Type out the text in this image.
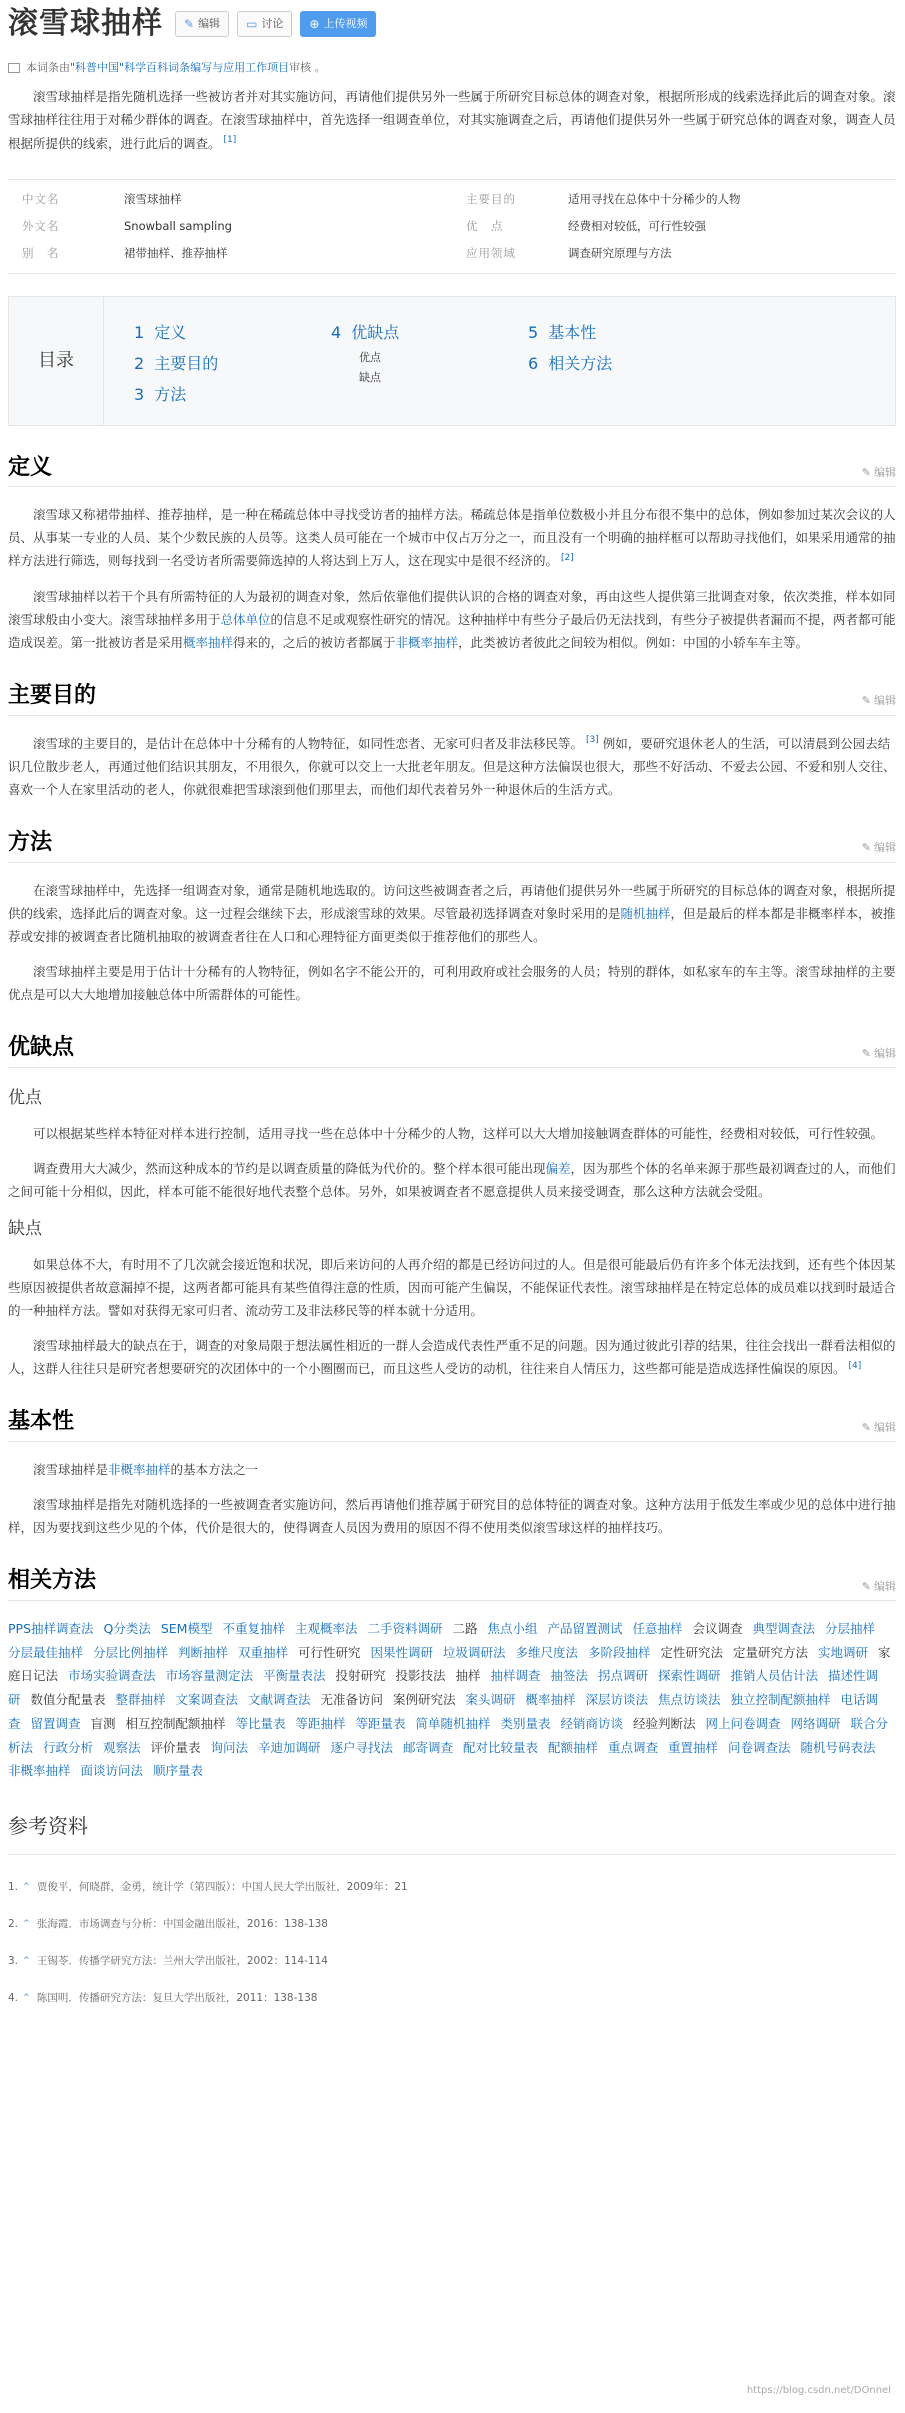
滚雪球抽样 ✎ 编辑 ▭ 讨论 ⊕ 上传视频
本词条由 "科普中国"科学百科词条编写与应用工作项目 审核 。

滚雪球抽样是指先随机选择一些被访者并对其实施访问，再请他们提供另外一些属于所研究目标总体的调查对象，根据所形成的线索选择此后的调查对象。滚雪球抽样往往用于对稀少群体的调查。在滚雪球抽样中，首先选择一组调查单位，对其实施调查之后，再请他们提供另外一些属于研究总体的调查对象，调查人员根据所提供的线索，进行此后的调查。 [1]

中文名	滚雪球抽样	主要目的	适用寻找在总体中十分稀少的人物
外文名	Snowball sampling	优　点	经费相对较低，可行性较强
别　名	裙带抽样、推荐抽样	应用领域	调查研究原理与方法
目录
1 定义
2 主要目的
3 方法
4 优缺点
优点
缺点
5 基本性
6 相关方法
定义	✎ 编辑

滚雪球又称裙带抽样、推荐抽样，是一种在稀疏总体中寻找受访者的抽样方法。稀疏总体是指单位数极小并且分布很不集中的总体，例如参加过某次会议的人员、从事某一专业的人员、某个少数民族的人员等。这类人员可能在一个城市中仅占万分之一，而且没有一个明确的抽样框可以帮助寻找他们，如果采用通常的抽样方法进行筛选，则每找到一名受访者所需要筛选掉的人将达到上万人，这在现实中是很不经济的。 [2]

滚雪球抽样以若干个具有所需特征的人为最初的调查对象，然后依靠他们提供认识的合格的调查对象，再由这些人提供第三批调查对象，依次类推，样本如同滚雪球般由小变大。滚雪球抽样多用于总体单位的信息不足或观察性研究的情况。这种抽样中有些分子最后仍无法找到，有些分子被提供者漏而不提，两者都可能造成误差。第一批被访者是采用概率抽样得来的，之后的被访者都属于非概率抽样，此类被访者彼此之间较为相似。例如：中国的小轿车车主等。

主要目的	✎ 编辑

滚雪球的主要目的，是估计在总体中十分稀有的人物特征，如同性恋者、无家可归者及非法移民等。 [3] 例如，要研究退休老人的生活，可以清晨到公园去结识几位散步老人，再通过他们结识其朋友，不用很久，你就可以交上一大批老年朋友。但是这种方法偏误也很大，那些不好活动、不爱去公园、不爱和别人交往、喜欢一个人在家里活动的老人，你就很难把雪球滚到他们那里去，而他们却代表着另外一种退休后的生活方式。

方法	✎ 编辑

在滚雪球抽样中，先选择一组调查对象，通常是随机地选取的。访问这些被调查者之后，再请他们提供另外一些属于所研究的目标总体的调查对象，根据所提供的线索，选择此后的调查对象。这一过程会继续下去，形成滚雪球的效果。尽管最初选择调查对象时采用的是随机抽样，但是最后的样本都是非概率样本，被推荐或安排的被调查者比随机抽取的被调查者往在人口和心理特征方面更类似于推荐他们的那些人。

滚雪球抽样主要是用于估计十分稀有的人物特征，例如名字不能公开的，可利用政府或社会服务的人员；特别的群体，如私家车的车主等。滚雪球抽样的主要优点是可以大大地增加接触总体中所需群体的可能性。

优缺点	✎ 编辑
优点

可以根据某些样本特征对样本进行控制，适用寻找一些在总体中十分稀少的人物，这样可以大大增加接触调查群体的可能性，经费相对较低，可行性较强。

调查费用大大减少，然而这种成本的节约是以调查质量的降低为代价的。整个样本很可能出现偏差，因为那些个体的名单来源于那些最初调查过的人，而他们之间可能十分相似，因此，样本可能不能很好地代表整个总体。另外，如果被调查者不愿意提供人员来接受调查，那么这种方法就会受阻。

缺点

如果总体不大，有时用不了几次就会接近饱和状况，即后来访问的人再介绍的都是已经访问过的人。但是很可能最后仍有许多个体无法找到，还有些个体因某些原因被提供者故意漏掉不提，这两者都可能具有某些值得注意的性质，因而可能产生偏误，不能保证代表性。滚雪球抽样是在特定总体的成员难以找到时最适合的一种抽样方法。譬如对获得无家可归者、流动劳工及非法移民等的样本就十分适用。

滚雪球抽样最大的缺点在于，调查的对象局限于想法属性相近的一群人会造成代表性严重不足的问题。因为通过彼此引荐的结果，往往会找出一群看法相似的人，这群人往往只是研究者想要研究的次团体中的一个小圈圈而已，而且这些人受访的动机，往往来自人情压力，这些都可能是造成选择性偏误的原因。 [4]

基本性	✎ 编辑

滚雪球抽样是非概率抽样的基本方法之一

滚雪球抽样是指先对随机选择的一些被调查者实施访问，然后再请他们推荐属于研究目的总体特征的调查对象。这种方法用于低发生率或少见的总体中进行抽样，因为要找到这些少见的个体，代价是很大的，使得调查人员因为费用的原因不得不使用类似滚雪球这样的抽样技巧。

相关方法	✎ 编辑
PPS抽样调查法 Q分类法 SEM模型 不重复抽样 主观概率法 二手资料调研 二路 焦点小组 产品留置测试 任意抽样 会议调查 典型调查法 分层抽样 分层最佳抽样 分层比例抽样 判断抽样 双重抽样 可行性研究 因果性调研 垃圾调研法 多维尺度法 多阶段抽样 定性研究法 定量研究方法 实地调研 家庭日记法 市场实验调查法 市场容量测定法 平衡量表法 投射研究 投影技法 抽样 抽样调查 抽签法 拐点调研 探索性调研 推销人员估计法 描述性调研 数值分配量表 整群抽样 文案调查法 文献调查法 无准备访问 案例研究法 案头调研 概率抽样 深层访谈法 焦点访谈法 独立控制配额抽样 电话调查 留置调查 盲测 相互控制配额抽样 等比量表 等距抽样 等距量表 简单随机抽样 类别量表 经销商访谈 经验判断法 网上问卷调查 网络调研 联合分析法 行政分析 观察法 评价量表 询问法 辛迪加调研 逐户寻找法 邮寄调查 配对比较量表 配额抽样 重点调查 重置抽样 问卷调查法 随机号码表法 非概率抽样 面谈访问法 顺序量表
参考资料
1. ⌃ 贾俊平，何晓群，金勇，统计学（第四版）：中国人民大学出版社，2009年：21
2. ⌃ 张海霞．市场调查与分析：中国金融出版社，2016：138-138
3. ⌃ 王锡苓．传播学研究方法：兰州大学出版社，2002：114-114
4. ⌃ 陈国明．传播研究方法：复旦大学出版社，2011：138-138
https://blog.csdn.net/DOnnel
